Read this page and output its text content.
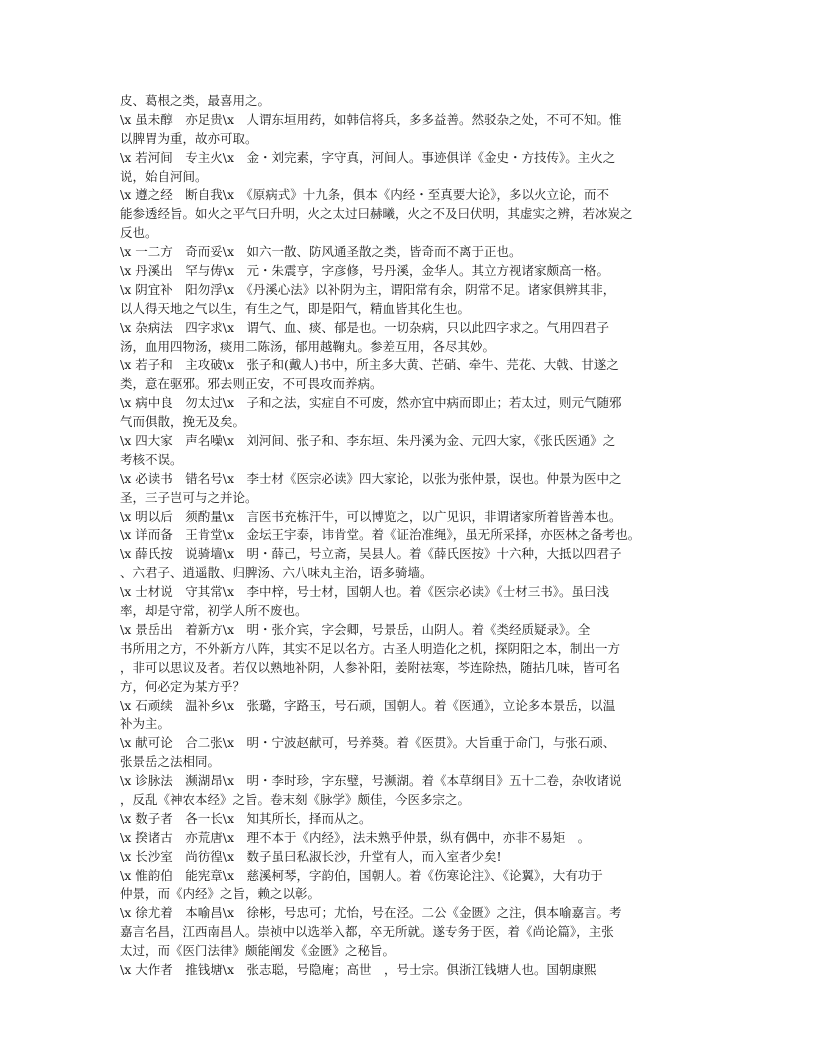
皮、葛根之类，最喜用之。
\x 虽未醇　亦足贵\x　人谓东垣用药，如韩信将兵，多多益善。然驳杂之处，不可不知。惟
以脾胃为重，故亦可取。
\x 若河间　专主火\x　金・刘完素，字守真，河间人。事迹俱详《金史・方技传》。主火之
说，始自河间。
\x 遵之经　断自我\x　《原病式》十九条，俱本《内经・至真要大论》，多以火立论，而不
能参透经旨。如火之平气曰升明，火之太过曰赫曦，火之不及曰伏明，其虚实之辨，若冰炭之
反也。
\x 一二方　奇而妥\x　如六一散、防风通圣散之类，皆奇而不离于正也。
\x 丹溪出　罕与俦\x　元・朱震亨，字彦修，号丹溪，金华人。其立方视诸家颇高一格。
\x 阴宜补　阳勿浮\x　《丹溪心法》以补阴为主，谓阳常有余，阴常不足。诸家俱辨其非，
以人得天地之气以生，有生之气，即是阳气，精血皆其化生也。
\x 杂病法　四字求\x　谓气、血、痰、郁是也。一切杂病，只以此四字求之。气用四君子
汤，血用四物汤，痰用二陈汤，郁用越鞠丸。参差互用，各尽其妙。
\x 若子和　主攻破\x　张子和(戴人)书中，所主多大黄、芒硝、牵牛、芫花、大戟、甘遂之
类，意在驱邪。邪去则正安，不可畏攻而养病。
\x 病中良　勿太过\x　子和之法，实症自不可废，然亦宜中病而即止；若太过，则元气随邪
气而俱散，挽无及矣。
\x 四大家　声名噪\x　刘河间、张子和、李东垣、朱丹溪为金、元四大家，《张氏医通》之
考核不误。
\x 必读书　错名号\x　李士材《医宗必读》四大家论，以张为张仲景，误也。仲景为医中之
圣，三子岂可与之并论。
\x 明以后　须酌量\x　言医书充栋汗牛，可以博览之，以广见识，非谓诸家所着皆善本也。
\x 详而备　王肯堂\x　金坛王宇泰，讳肯堂。着《证治准绳》，虽无所采择，亦医林之备考也。
\x 薛氏按　说骑墙\x　明・薛己，号立斋，吴县人。着《薛氏医按》十六种，大抵以四君子
、六君子、逍遥散、归脾汤、六八味丸主治，语多骑墙。
\x 士材说　守其常\x　李中梓，号士材，国朝人也。着《医宗必读》《士材三书》。虽曰浅
率，却是守常，初学人所不废也。
\x 景岳出　着新方\x　明・张介宾，字会卿，号景岳，山阴人。着《类经质疑录》。全
书所用之方，不外新方八阵，其实不足以名方。古圣人明造化之机，探阴阳之本，制出一方
，非可以思议及者。若仅以熟地补阴，人参补阳，姜附祛寒，芩连除热，随拈几味，皆可名
方，何必定为某方乎？
\x 石顽续　温补乡\x　张璐，字路玉，号石顽，国朝人。着《医通》，立论多本景岳，以温
补为主。
\x 献可论　合二张\x　明・宁波赵献可，号养葵。着《医贯》。大旨重于命门，与张石顽、
张景岳之法相同。
\x 诊脉法　濒湖昂\x　明・李时珍，字东璧，号濒湖。着《本草纲目》五十二卷，杂收诸说
，反乱《神农本经》之旨。卷末刻《脉学》颇佳，今医多宗之。
\x 数子者　各一长\x　知其所长，择而从之。
\x 揆诸古　亦荒唐\x　理不本于《内经》，法未熟乎仲景，纵有偶中，亦非不易矩　。
\x 长沙室　尚彷徨\x　数子虽曰私淑长沙，升堂有人，而入室者少矣!
\x 惟韵伯　能宪章\x　慈溪柯琴，字韵伯，国朝人。着《伤寒论注》、《论翼》，大有功于
仲景，而《内经》之旨，赖之以彰。
\x 徐尤着　本喻昌\x　徐彬，号忠可；尤怡，号在泾。二公《金匮》之注，俱本喻嘉言。考
嘉言名昌，江西南昌人。崇祯中以选举入都，卒无所就。遂专务于医，着《尚论篇》，主张
太过，而《医门法律》颇能阐发《金匮》之秘旨。
\x 大作者　推钱塘\x　张志聪，号隐庵；高世　，号士宗。俱浙江钱塘人也。国朝康熙
